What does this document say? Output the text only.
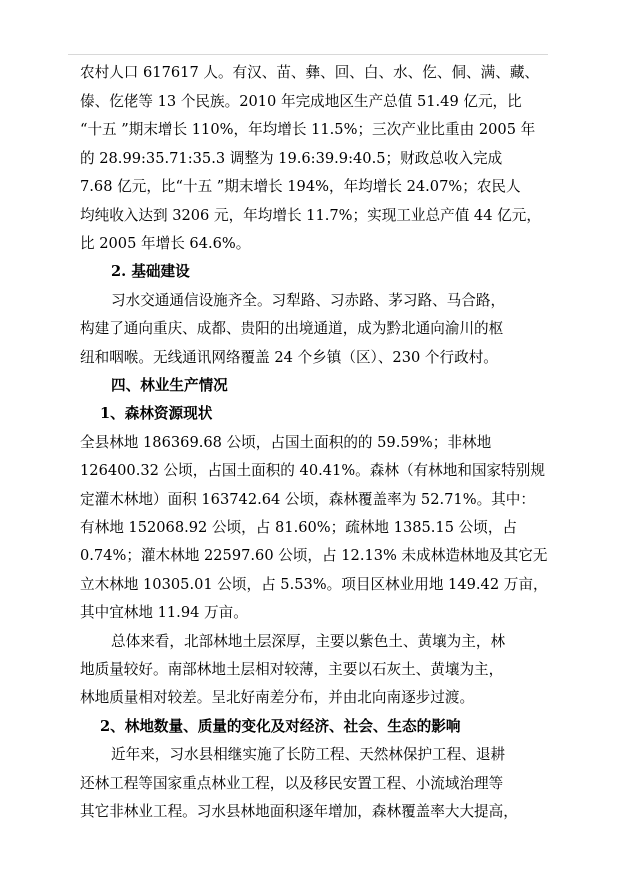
农村人口 617617 人。有汉、苗、彝、回、白、水、仡、侗、满、藏、
傣、仡佬等 13 个民族。2010 年完成地区生产总值 51.49 亿元，比
“十五 ”期末增长 110%，年均增长 11.5%；三次产业比重由 2005 年
的 28.99:35.71:35.3 调整为 19.6:39.9:40.5；财政总收入完成
7.68 亿元，比“十五 ”期末增长 194%，年均增长 24.07%；农民人
均纯收入达到 3206 元，年均增长 11.7%；实现工业总产值 44 亿元，
比 2005 年增长 64.6%。
2. 基础建设
习水交通通信设施齐全。习犁路、习赤路、茅习路、马合路，
构建了通向重庆、成都、贵阳的出境通道，成为黔北通向渝川的枢
纽和咽喉。无线通讯网络覆盖 24 个乡镇（区）、230 个行政村。
四、林业生产情况
1、森林资源现状
全县林地 186369.68 公顷，占国土面积的的 59.59%；非林地
126400.32 公顷，占国土面积的 40.41%。森林（有林地和国家特别规
定灌木林地）面积 163742.64 公顷，森林覆盖率为 52.71%。其中：
有林地 152068.92 公顷，占 81.60%；疏林地 1385.15 公顷，占
0.74%；灌木林地 22597.60 公顷，占 12.13% 未成林造林地及其它无
立木林地 10305.01 公顷，占 5.53%。项目区林业用地 149.42 万亩，
其中宜林地 11.94 万亩。
总体来看，北部林地土层深厚，主要以紫色土、黄壤为主，林
地质量较好。南部林地土层相对较薄，主要以石灰土、黄壤为主，
林地质量相对较差。呈北好南差分布，并由北向南逐步过渡。
2、林地数量、质量的变化及对经济、社会、生态的影响
近年来，习水县相继实施了长防工程、天然林保护工程、退耕
还林工程等国家重点林业工程，以及移民安置工程、小流域治理等
其它非林业工程。习水县林地面积逐年增加，森林覆盖率大大提高，
